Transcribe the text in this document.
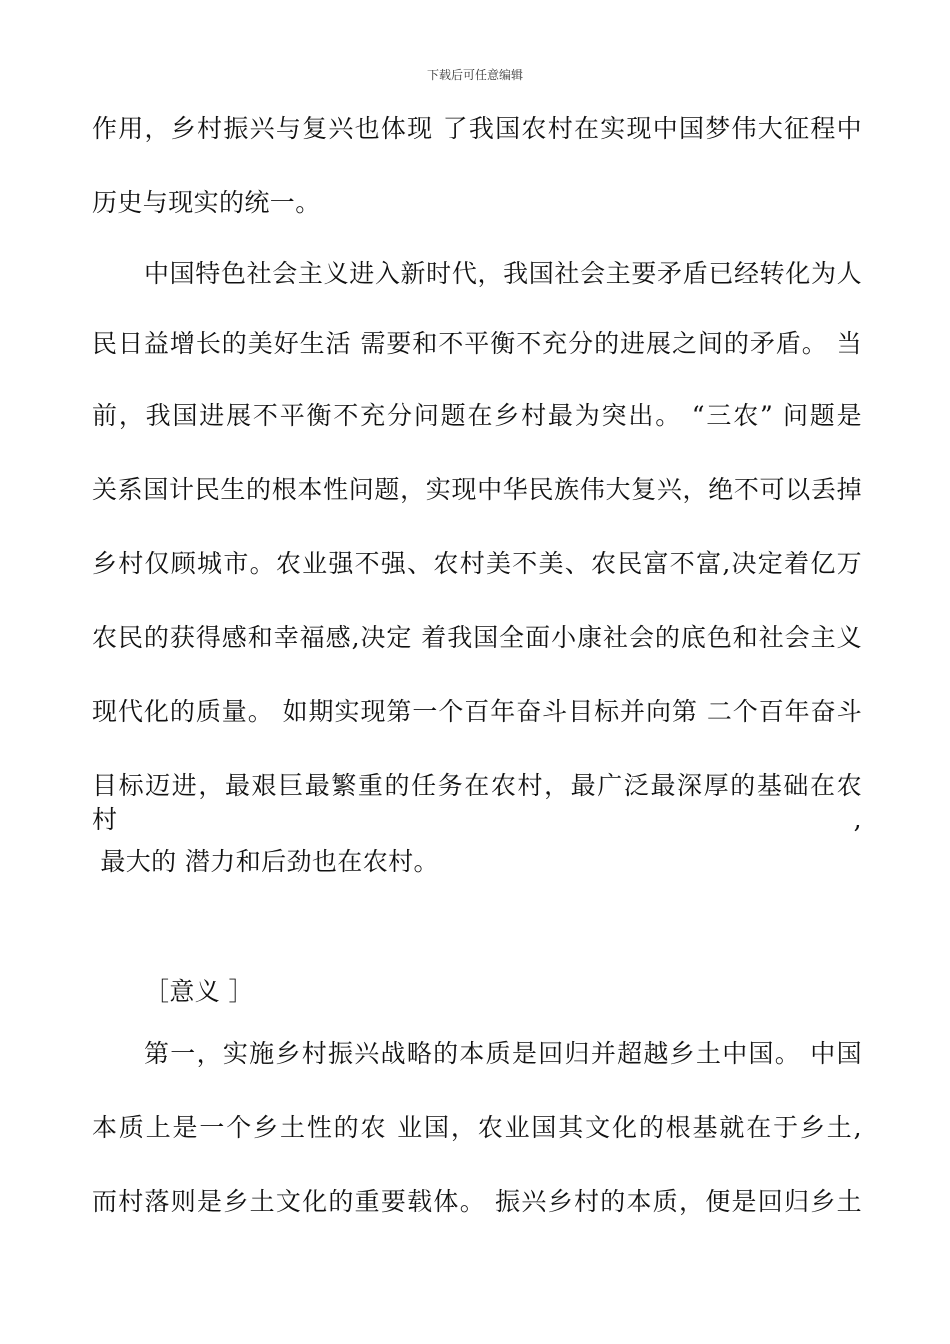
下载后可任意编辑
作用，乡村振兴与复兴也体现 了我国农村在实现中国梦伟大征程中
历史与现实的统一。
中国特色社会主义进入新时代，我国社会主要矛盾已经转化为人
民日益增长的美好生活 需要和不平衡不充分的进展之间的矛盾。 当
前，我国进展不平衡不充分问题在乡村最为突出。 “三农” 问题是
关系国计民生的根本性问题，实现中华民族伟大复兴，绝不可以丢掉
乡村仅顾城市。农业强不强、农村美不美、农民富不富,决定着亿万
农民的获得感和幸福感,决定 着我国全面小康社会的底色和社会主义
现代化的质量。 如期实现第一个百年奋斗目标并向第 二个百年奋斗
目标迈进，最艰巨最繁重的任务在农村，最广泛最深厚的基础在农村,
最大的 潜力和后劲也在农村。
［意义 ］
第一，实施乡村振兴战略的本质是回归并超越乡土中国。 中国
本质上是一个乡土性的农 业国，农业国其文化的根基就在于乡土,
而村落则是乡土文化的重要载体。 振兴乡村的本质，便是回归乡土
